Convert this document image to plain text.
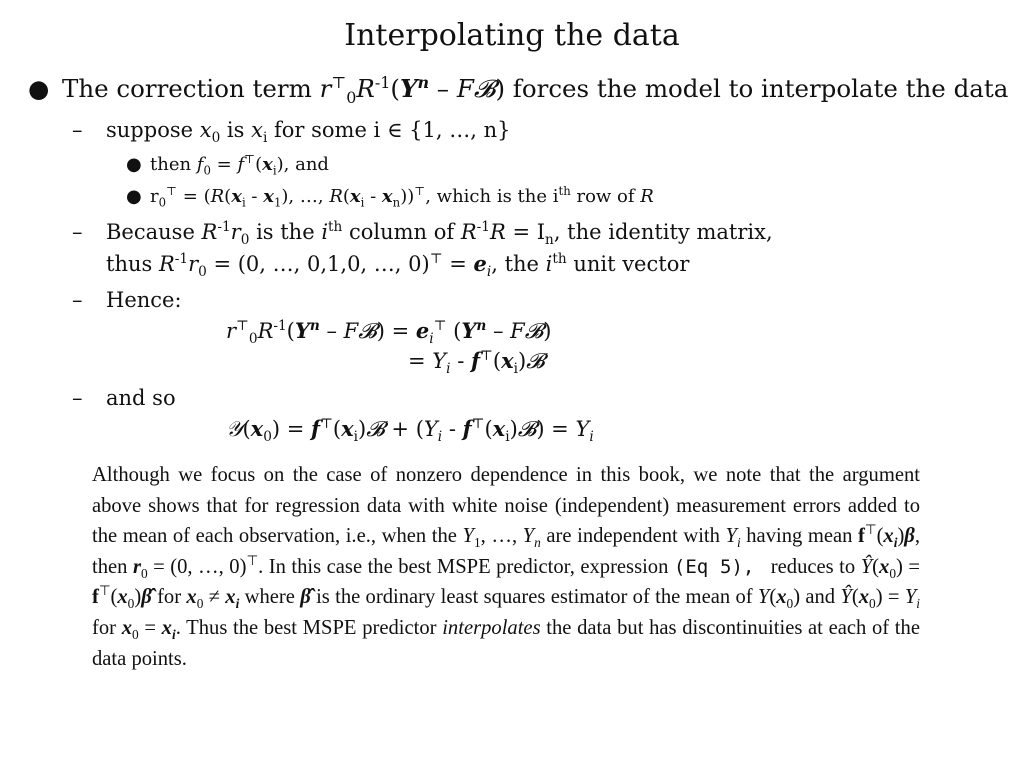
Interpolating the data
● The correction term $r^⊤_0R^{-1}(Y^n$ – F𝓑) forces the model to interpolate the data
– suppose $x_0$ is $x_i$ for some i ∈ {1, …, n}
● then $f_0 = f^⊤(x_i)$, and
● $r_0^⊤ = (R(x_i - x_1)$, …, $R(x_i - x_n))^⊤$, which is the $i^{th}$ row of R
– Because $R^{-1}r_0$ is the $i^{th}$ column of $R^{-1}R = I_n$, the identity matrix,
thus $R^{-1}r_0 = (0$, …, 0,1,0, …, $0)^⊤ = e_i$, the $i^{th}$ unit vector
– Hence:
$r^⊤_0R^{-1}(Y^n$ – F𝓑) = $e_i^⊤$ ($Y^n$ – F𝓑)
= $Y_i$ - $f^⊤(x_i)𝓑$
– and so
$𝒴(x_0)$ = $f^⊤(x_i)𝓑 + (Y_i$ - $f^⊤(x_i)𝓑) = Y_i$

Although we focus on the case of nonzero dependence in this book, we note that the argument above shows that for regression data with white noise (independent) measurement errors added to the mean of each observation, i.e., when the $Y_1$, …, $Y_n$ are independent with $Y_i$ having mean $f^⊤(x_i)\beta$, then $r_0 = (0$, …, 0)⊤. In this case the best MSPE predictor, expression (Eq 5),   reduces to $Ŷ(x_0)$ = $f^⊤(x_0)\betâ$ for $x_0 \ne x_i$ where β̂ is the ordinary least squares estimator of the mean of $Y(x_0)$ and $Ŷ(x_0) = Y_i$ for $x_0 = x_i$. Thus the best MSPE predictor interpolates the data but has discontinuities at each of the data points.
